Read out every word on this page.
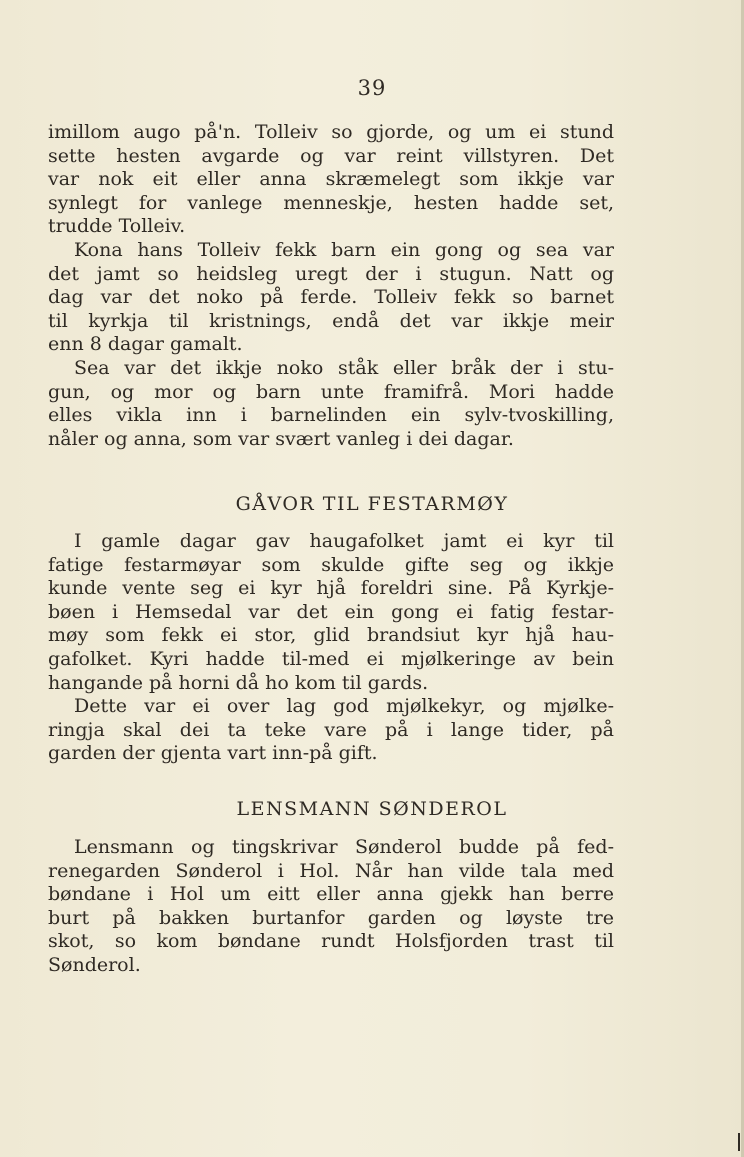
39
imillom augo på'n. Tolleiv so gjorde, og um ei stund
sette hesten avgarde og var reint villstyren. Det
var nok eit eller anna skræmelegt som ikkje var
synlegt for vanlege menneskje, hesten hadde set,
trudde Tolleiv.
Kona hans Tolleiv fekk barn ein gong og sea var
det jamt so heidsleg uregt der i stugun. Natt og
dag var det noko på ferde. Tolleiv fekk so barnet
til kyrkja til kristnings, endå det var ikkje meir
enn 8 dagar gamalt.
Sea var det ikkje noko ståk eller bråk der i stu-
gun, og mor og barn unte framifrå. Mori hadde
elles vikla inn i barnelinden ein sylv-tvoskilling,
nåler og anna, som var svært vanleg i dei dagar.
GÅVOR TIL FESTARMØY
I gamle dagar gav haugafolket jamt ei kyr til
fatige festarmøyar som skulde gifte seg og ikkje
kunde vente seg ei kyr hjå foreldri sine. På Kyrkje-
bøen i Hemsedal var det ein gong ei fatig festar-
møy som fekk ei stor, glid brandsiut kyr hjå hau-
gafolket. Kyri hadde til-med ei mjølkeringe av bein
hangande på horni då ho kom til gards.
Dette var ei over lag god mjølkekyr, og mjølke-
ringja skal dei ta teke vare på i lange tider, på
garden der gjenta vart inn-på gift.
LENSMANN SØNDEROL
Lensmann og tingskrivar Sønderol budde på fed-
renegarden Sønderol i Hol. Når han vilde tala med
bøndane i Hol um eitt eller anna gjekk han berre
burt på bakken burtanfor garden og løyste tre
skot, so kom bøndane rundt Holsfjorden trast til
Sønderol.
